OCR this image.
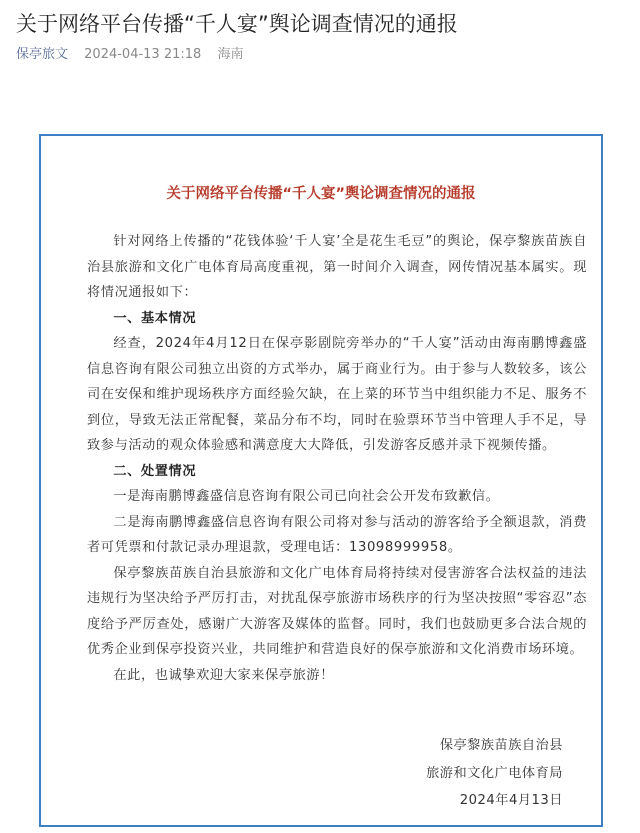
关于网络平台传播“千人宴”舆论调查情况的通报
保亭旅文 2024-04-13 21:18 海南
关于网络平台传播“千人宴”舆论调查情况的通报

针对网络上传播的“花钱体验‘千人宴’全是花生毛豆”的舆论，保亭黎族苗族自治县旅游和文化广电体育局高度重视，第一时间介入调查，网传情况基本属实。现将情况通报如下：

一、基本情况

经查，2024年4月12日在保亭影剧院旁举办的“千人宴”活动由海南鹏博鑫盛信息咨询有限公司独立出资的方式举办，属于商业行为。由于参与人数较多，该公司在安保和维护现场秩序方面经验欠缺，在上菜的环节当中组织能力不足、服务不到位，导致无法正常配餐，菜品分布不均，同时在验票环节当中管理人手不足，导致参与活动的观众体验感和满意度大大降低，引发游客反感并录下视频传播。

二、处置情况

一是海南鹏博鑫盛信息咨询有限公司已向社会公开发布致歉信。

二是海南鹏博鑫盛信息咨询有限公司将对参与活动的游客给予全额退款，消费者可凭票和付款记录办理退款，受理电话：13098999958。

保亭黎族苗族自治县旅游和文化广电体育局将持续对侵害游客合法权益的违法违规行为坚决给予严厉打击，对扰乱保亭旅游市场秩序的行为坚决按照“零容忍”态度给予严厉查处，感谢广大游客及媒体的监督。同时，我们也鼓励更多合法合规的优秀企业到保亭投资兴业，共同维护和营造良好的保亭旅游和文化消费市场环境。

在此，也诚挚欢迎大家来保亭旅游！

保亭黎族苗族自治县
旅游和文化广电体育局
2024年4月13日
